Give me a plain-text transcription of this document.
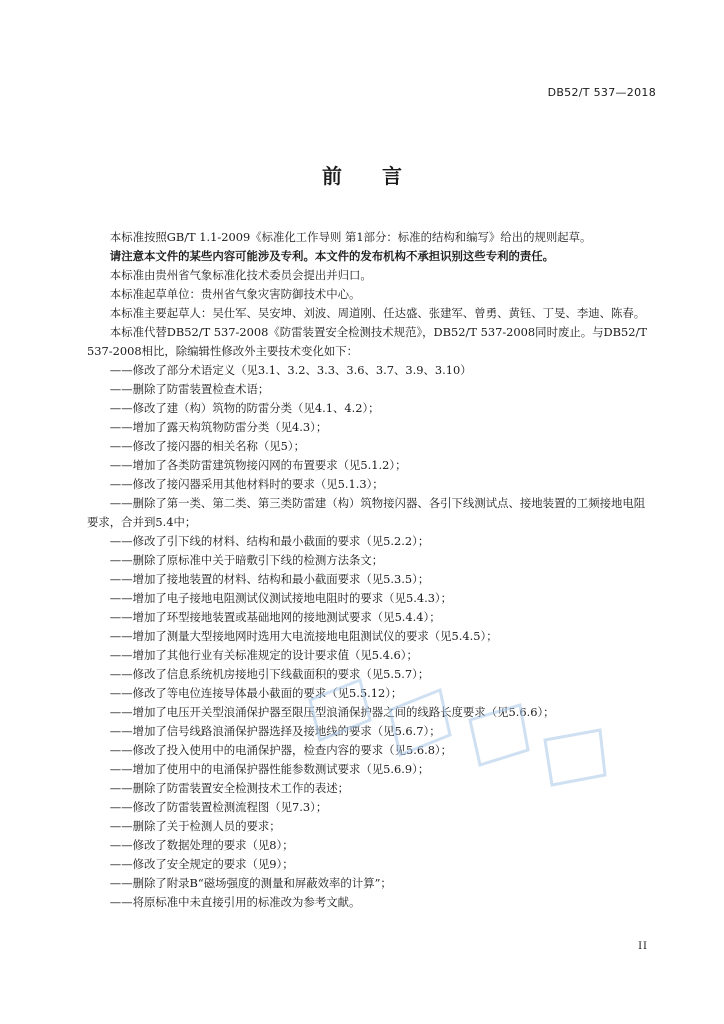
DB52/T 537—2018
前 言

本标准按照GB/T 1.1-2009《标准化工作导则 第1部分：标准的结构和编写》给出的规则起草。

请注意本文件的某些内容可能涉及专利。本文件的发布机构不承担识别这些专利的责任。

本标准由贵州省气象标准化技术委员会提出并归口。

本标准起草单位：贵州省气象灾害防御技术中心。

本标准主要起草人：吴仕军、吴安坤、刘波、周道刚、任达盛、张建军、曾勇、黄钰、丁旻、李迪、陈春。

本标准代替DB52/T 537-2008《防雷装置安全检测技术规范》，DB52/T 537-2008同时废止。与DB52/T 537-2008相比，除编辑性修改外主要技术变化如下：

——修改了部分术语定义（见3.1、3.2、3.3、3.6、3.7、3.9、3.10）
——删除了防雷装置检查术语；
——修改了建（构）筑物的防雷分类（见4.1、4.2）；
——增加了露天构筑物防雷分类（见4.3）；
——修改了接闪器的相关名称（见5）；
——增加了各类防雷建筑物接闪网的布置要求（见5.1.2）；
——修改了接闪器采用其他材料时的要求（见5.1.3）；
——删除了第一类、第二类、第三类防雷建（构）筑物接闪器、各引下线测试点、接地装置的工频接地电阻要求，合并到5.4中；
——修改了引下线的材料、结构和最小截面的要求（见5.2.2）；
——删除了原标准中关于暗敷引下线的检测方法条文；
——增加了接地装置的材料、结构和最小截面要求（见5.3.5）；
——增加了电子接地电阻测试仪测试接地电阻时的要求（见5.4.3）；
——增加了环型接地装置或基础地网的接地测试要求（见5.4.4）；
——增加了测量大型接地网时选用大电流接地电阻测试仪的要求（见5.4.5）；
——增加了其他行业有关标准规定的设计要求值（见5.4.6）；
——修改了信息系统机房接地引下线截面积的要求（见5.5.7）；
——修改了等电位连接导体最小截面的要求（见5.5.12）；
——增加了电压开关型浪涌保护器至限压型浪涌保护器之间的线路长度要求（见5.6.6）；
——增加了信号线路浪涌保护器选择及接地线的要求（见5.6.7）；
——修改了投入使用中的电涌保护器，检查内容的要求（见5.6.8）；
——增加了使用中的电涌保护器性能参数测试要求（见5.6.9）；
——删除了防雷装置安全检测技术工作的表述；
——修改了防雷装置检测流程图（见7.3）；
——删除了关于检测人员的要求；
——修改了数据处理的要求（见8）；
——修改了安全规定的要求（见9）；
——删除了附录B“磁场强度的测量和屏蔽效率的计算”；
——将原标准中未直接引用的标准改为参考文献。
II
